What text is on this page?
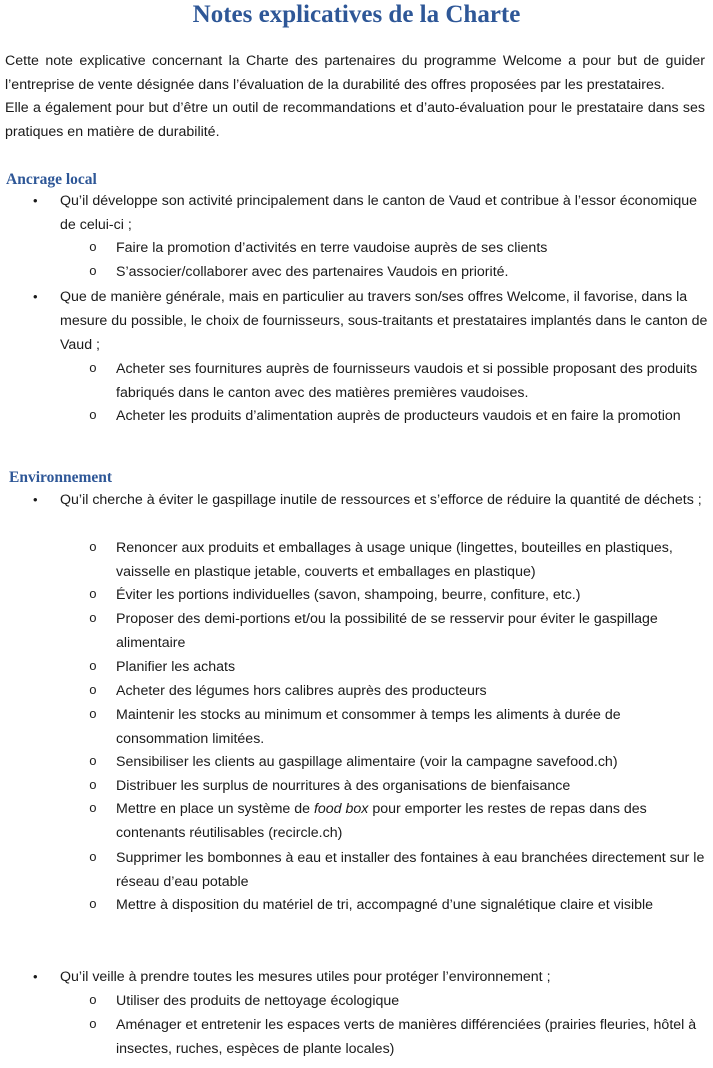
Notes explicatives de la Charte

Cette note explicative concernant la Charte des partenaires du programme Welcome a pour but de guider l’entreprise de vente désignée dans l’évaluation de la durabilité des offres proposées par les prestataires.

Elle a également pour but d’être un outil de recommandations et d’auto-évaluation pour le prestataire dans ses pratiques en matière de durabilité.

Ancrage local
• Qu’il développe son activité principalement dans le canton de Vaud et contribue à l’essor économique de celui-ci ;
o Faire la promotion d’activités en terre vaudoise auprès de ses clients
o S’associer/collaborer avec des partenaires Vaudois en priorité.
• Que de manière générale, mais en particulier au travers son/ses offres Welcome, il favorise, dans la mesure du possible, le choix de fournisseurs, sous-traitants et prestataires implantés dans le canton de Vaud ;
o Acheter ses fournitures auprès de fournisseurs vaudois et si possible proposant des produits fabriqués dans le canton avec des matières premières vaudoises.
o Acheter les produits d’alimentation auprès de producteurs vaudois et en faire la promotion
Environnement
• Qu’il cherche à éviter le gaspillage inutile de ressources et s’efforce de réduire la quantité de déchets ;
o Renoncer aux produits et emballages à usage unique (lingettes, bouteilles en plastiques, vaisselle en plastique jetable, couverts et emballages en plastique)
o Éviter les portions individuelles (savon, shampoing, beurre, confiture, etc.)
o Proposer des demi-portions et/ou la possibilité de se resservir pour éviter le gaspillage alimentaire
o Planifier les achats
o Acheter des légumes hors calibres auprès des producteurs
o Maintenir les stocks au minimum et consommer à temps les aliments à durée de consommation limitées.
o Sensibiliser les clients au gaspillage alimentaire (voir la campagne savefood.ch)
o Distribuer les surplus de nourritures à des organisations de bienfaisance
o Mettre en place un système de food box pour emporter les restes de repas dans des contenants réutilisables (recircle.ch)
o Supprimer les bombonnes à eau et installer des fontaines à eau branchées directement sur le réseau d’eau potable
o Mettre à disposition du matériel de tri, accompagné d’une signalétique claire et visible
• Qu’il veille à prendre toutes les mesures utiles pour protéger l’environnement ;
o Utiliser des produits de nettoyage écologique
o Aménager et entretenir les espaces verts de manières différenciées (prairies fleuries, hôtel à insectes, ruches, espèces de plante locales)
